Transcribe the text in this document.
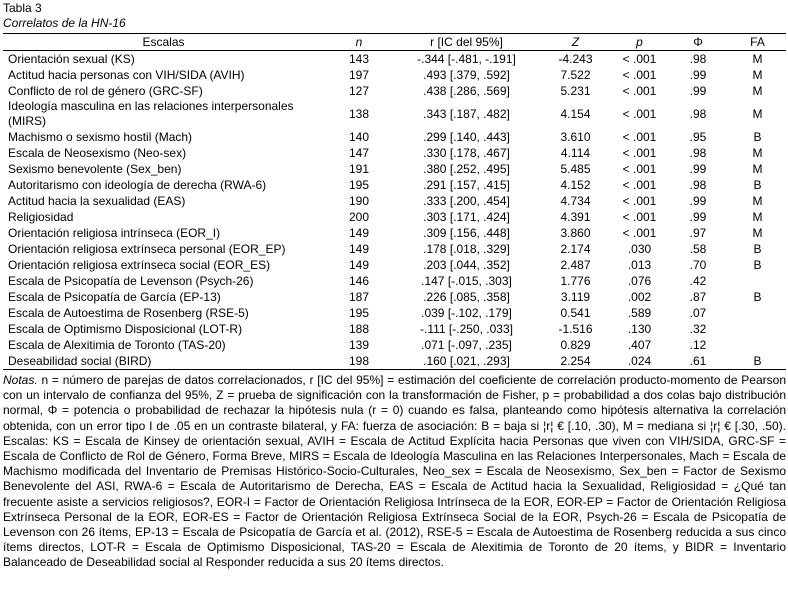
Tabla 3
Correlatos de la HN-16
Escalas	n	r [IC del 95%]	Z	p	Φ	FA
Orientación sexual (KS)	143	-.344 [-.481, -.191]	-4.243	< .001	.98	M
Actitud hacia personas con VIH/SIDA (AVIH)	197	.493 [.379, .592]	7.522	< .001	.99	M
Conflicto de rol de género (GRC-SF)	127	.438 [.286, .569]	5.231	< .001	.99	M
Ideología masculina en las relaciones interpersonales (MIRS)	138	.343 [.187, .482]	4.154	< .001	.98	M
Machismo o sexismo hostil (Mach)	140	.299 [.140, .443]	3.610	< .001	.95	B
Escala de Neosexismo (Neo-sex)	147	.330 [.178, .467]	4.114	< .001	.98	M
Sexismo benevolente (Sex_ben)	191	.380 [.252, .495]	5.485	< .001	.99	M
Autoritarismo con ideología de derecha (RWA-6)	195	.291 [.157, .415]	4.152	< .001	.98	B
Actitud hacia la sexualidad (EAS)	190	.333 [.200, .454]	4.734	< .001	.99	M
Religiosidad	200	.303 [.171, .424]	4.391	< .001	.99	M
Orientación religiosa intrínseca (EOR_I)	149	.309 [.156, .448]	3.860	< .001	.97	M
Orientación religiosa extrínseca personal (EOR_EP)	149	.178 [.018, .329]	2.174	.030	.58	B
Orientación religiosa extrínseca social (EOR_ES)	149	.203 [.044, .352]	2.487	.013	.70	B
Escala de Psicopatía de Levenson (Psych-26)	146	.147 [-.015, .303]	1.776	.076	.42	
Escala de Psicopatía de García (EP-13)	187	.226 [.085, .358]	3.119	.002	.87	B
Escala de Autoestima de Rosenberg (RSE-5)	195	.039 [-.102, .179]	0.541	.589	.07	
Escala de Optimismo Disposicional (LOT-R)	188	-.111 [-.250, .033]	-1.516	.130	.32	
Escala de Alexitimia de Toronto (TAS-20)	139	.071 [-.097, .235]	0.829	.407	.12	
Deseabilidad social (BIRD)	198	.160 [.021, .293]	2.254	.024	.61	B
Notas. n = número de parejas de datos correlacionados, r [IC del 95%] = estimación del coeficiente de correlación producto-momento de Pearson con un intervalo de confianza del 95%, Z = prueba de significación con la transformación de Fisher, p = probabilidad a dos colas bajo distribución normal, Φ = potencia o probabilidad de rechazar la hipótesis nula (r = 0) cuando es falsa, planteando como hipótesis alternativa la correlación obtenida, con un error tipo I de .05 en un contraste bilateral, y FA: fuerza de asociación: B = baja si ¦r¦ € [.10, .30), M = mediana si ¦r¦ € [.30, .50). Escalas: KS = Escala de Kinsey de orientación sexual, AVIH = Escala de Actitud Explícita hacia Personas que viven con VIH/SIDA, GRC-SF = Escala de Conflicto de Rol de Género, Forma Breve, MIRS = Escala de Ideología Masculina en las Relaciones Interpersonales, Mach = Escala de Machismo modificada del Inventario de Premisas Histórico-Socio-Culturales, Neo_sex = Escala de Neosexismo, Sex_ben = Factor de Sexismo Benevolente del ASI, RWA-6 = Escala de Autoritarismo de Derecha, EAS = Escala de Actitud hacia la Sexualidad, Religiosidad = ¿Qué tan frecuente asiste a servicios religiosos?, EOR-I = Factor de Orientación Religiosa Intrínseca de la EOR, EOR-EP = Factor de Orientación Religiosa Extrínseca Personal de la EOR, EOR-ES = Factor de Orientación Religiosa Extrínseca Social de la EOR, Psych-26 = Escala de Psicopatía de Levenson con 26 ítems, EP-13 = Escala de Psicopatía de García et al. (2012), RSE-5 = Escala de Autoestima de Rosenberg reducida a sus cinco ítems directos, LOT-R = Escala de Optimismo Disposicional, TAS-20 = Escala de Alexitimia de Toronto de 20 ítems, y BIDR = Inventario Balanceado de Deseabilidad social al Responder reducida a sus 20 ítems directos.
